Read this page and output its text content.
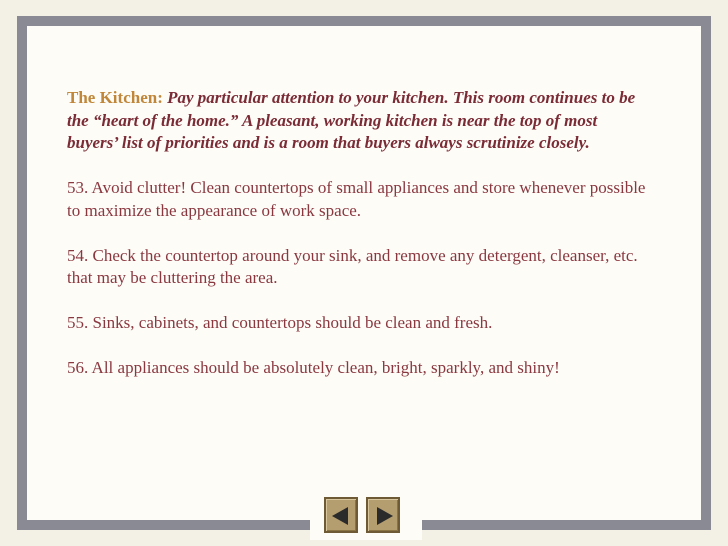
The Kitchen: Pay particular attention to your kitchen. This room continues to be the “heart of the home.” A pleasant, working kitchen is near the top of most buyers’ list of priorities and is a room that buyers always scrutinize closely.
53. Avoid clutter! Clean countertops of small appliances and store whenever possible to maximize the appearance of work space.
54. Check the countertop around your sink, and remove any detergent, cleanser, etc. that may be cluttering the area.
55. Sinks, cabinets, and countertops should be clean and fresh.
56. All appliances should be absolutely clean, bright, sparkly, and shiny!
